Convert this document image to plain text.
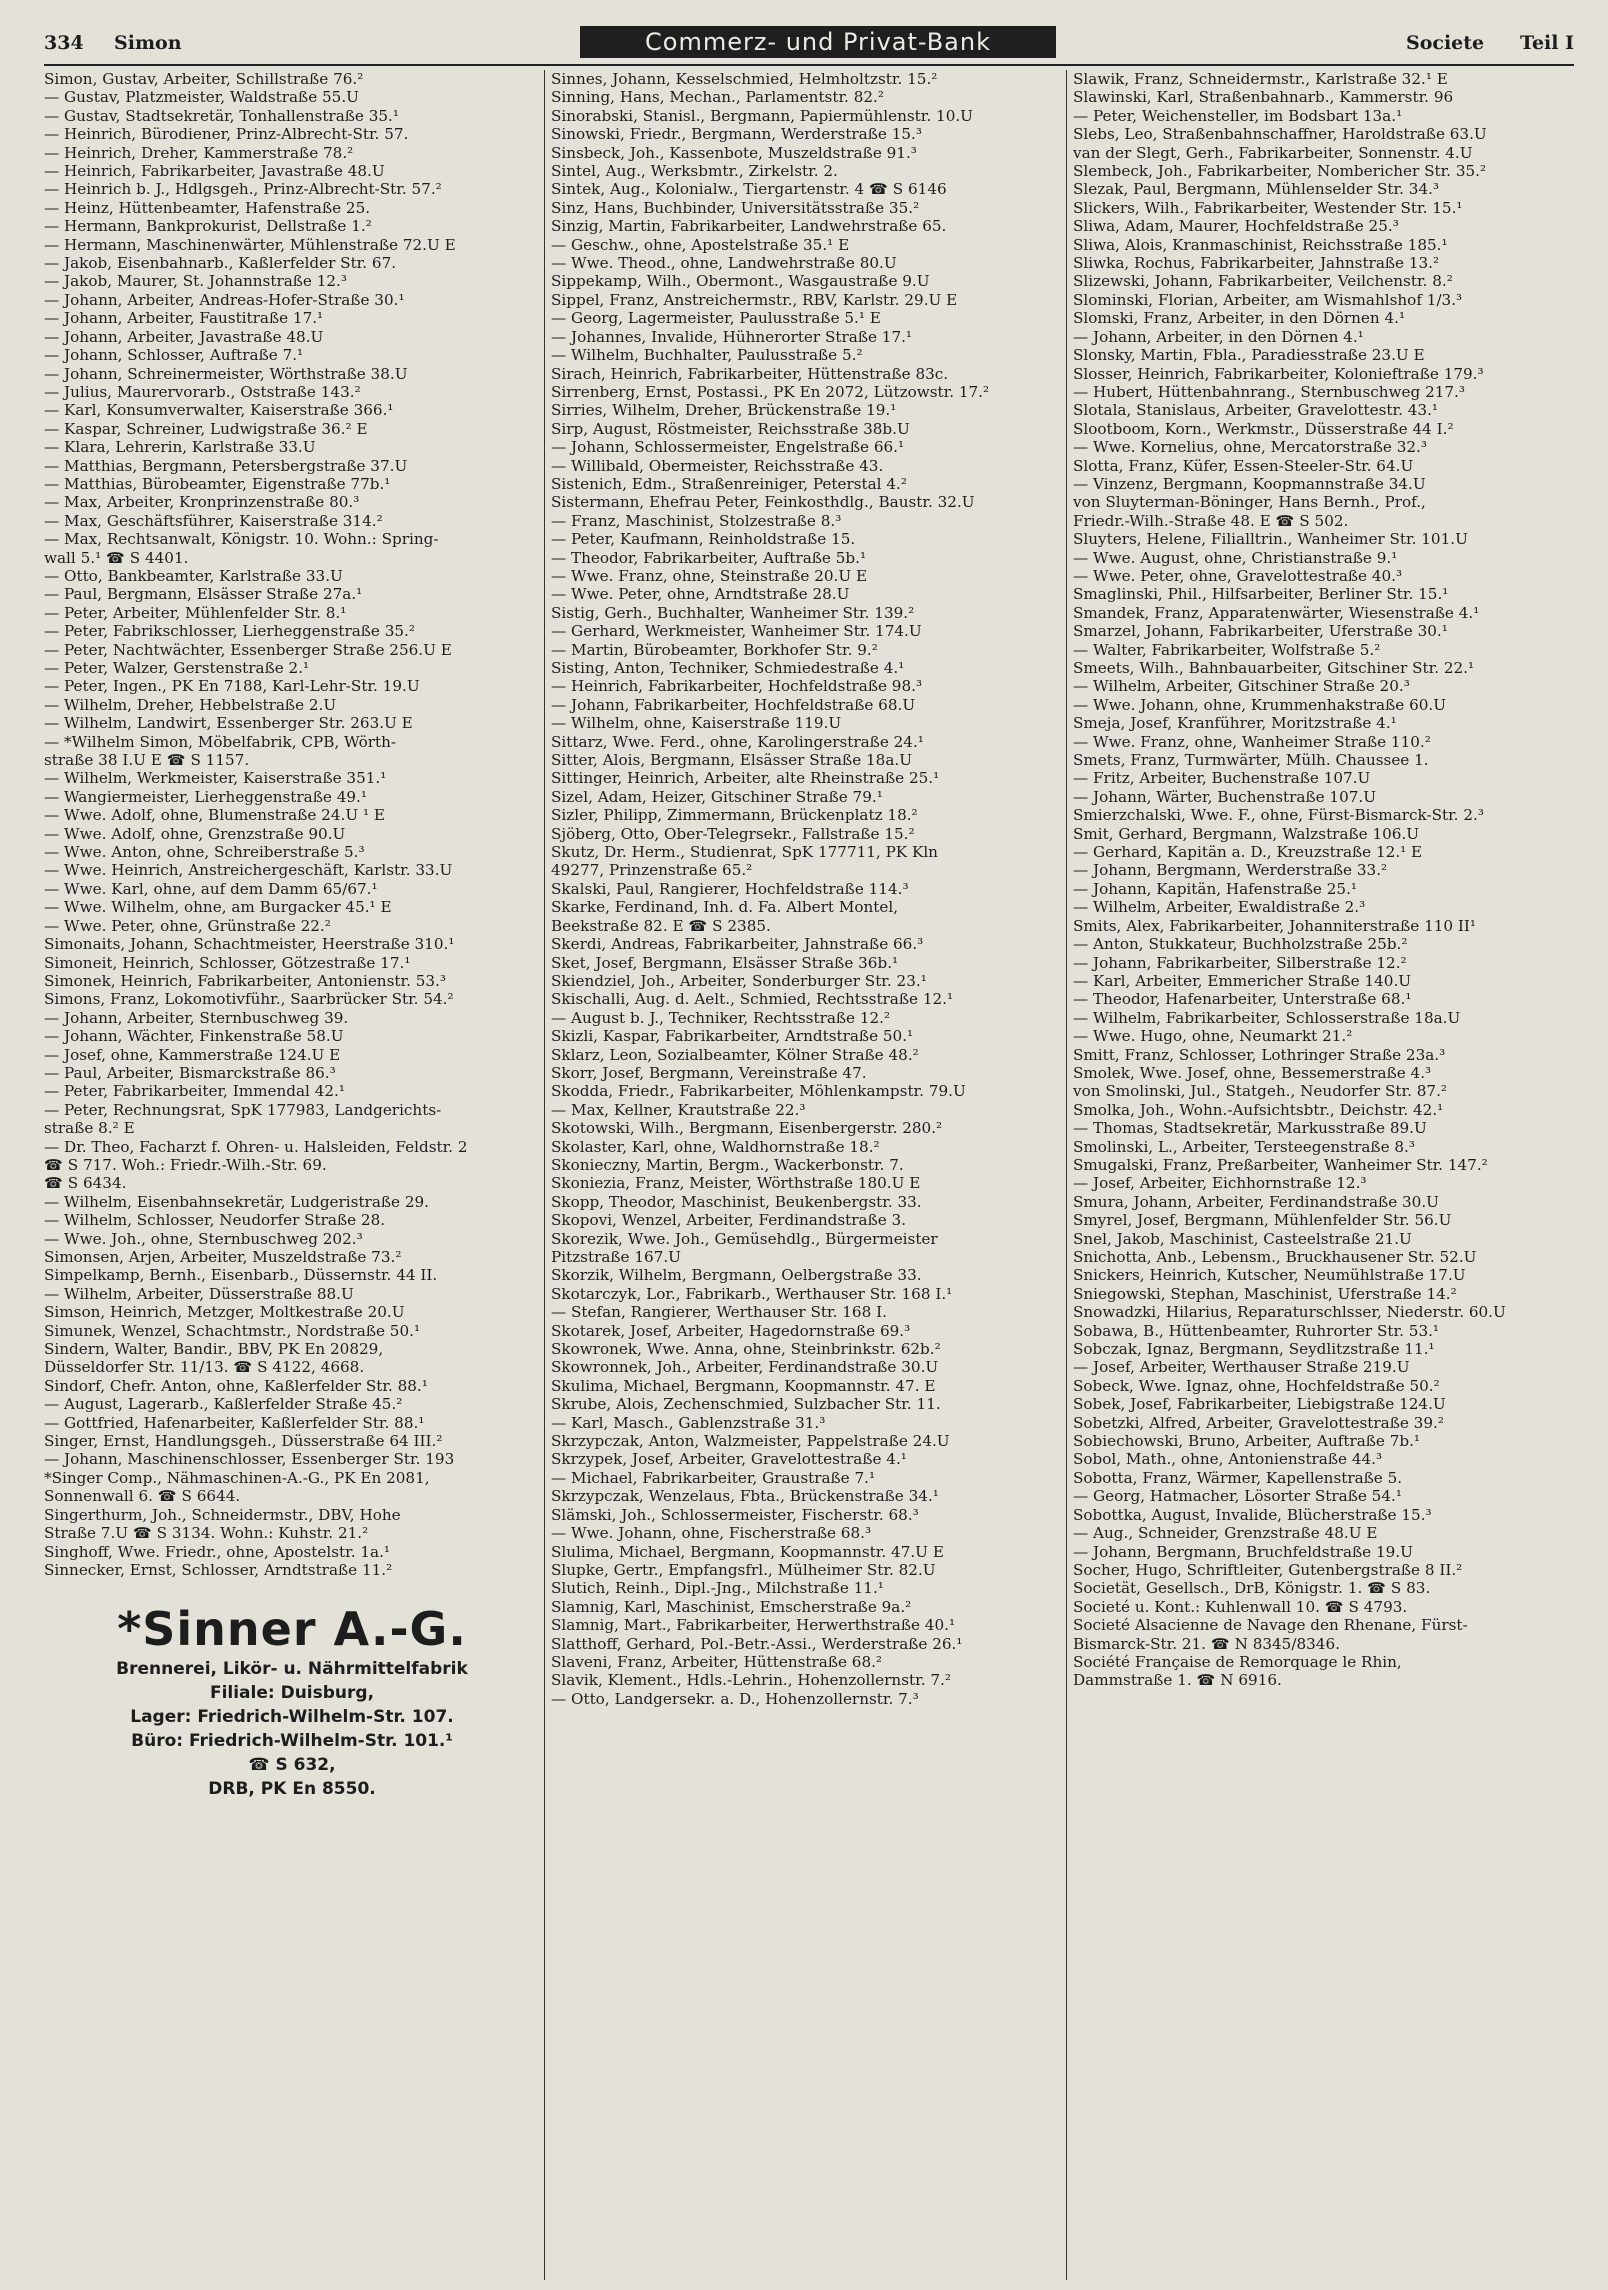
334 Simon	Commerz- und Privat-Bank	Societe Teil I
Simon, Gustav, Arbeiter, Schillstraße 76.²
— Gustav, Platzmeister, Waldstraße 55.U
— Gustav, Stadtsekretär, Tonhallenstraße 35.¹
— Heinrich, Bürodiener, Prinz-Albrecht-Str. 57.
— Heinrich, Dreher, Kammerstraße 78.²
— Heinrich, Fabrikarbeiter, Javastraße 48.U
— Heinrich b. J., Hdlgsgeh., Prinz-Albrecht-Str. 57.²
— Heinz, Hüttenbeamter, Hafenstraße 25.
— Hermann, Bankprokurist, Dellstraße 1.²
— Hermann, Maschinenwärter, Mühlenstraße 72.U E
— Jakob, Eisenbahnarb., Kaßlerfelder Str. 67.
— Jakob, Maurer, St. Johannstraße 12.³
— Johann, Arbeiter, Andreas-Hofer-Straße 30.¹
— Johann, Arbeiter, Faustitraße 17.¹
— Johann, Arbeiter, Javastraße 48.U
— Johann, Schlosser, Auftraße 7.¹
— Johann, Schreinermeister, Wörthstraße 38.U
— Julius, Maurervorarb., Oststraße 143.²
— Karl, Konsumverwalter, Kaiserstraße 366.¹
— Kaspar, Schreiner, Ludwigstraße 36.² E
— Klara, Lehrerin, Karlstraße 33.U
— Matthias, Bergmann, Petersbergstraße 37.U
— Matthias, Bürobeamter, Eigenstraße 77b.¹
— Max, Arbeiter, Kronprinzenstraße 80.³
— Max, Geschäftsführer, Kaiserstraße 314.²
— Max, Rechtsanwalt, Königstr. 10. Wohn.: Spring-
wall 5.¹ ☎ S 4401.
— Otto, Bankbeamter, Karlstraße 33.U
— Paul, Bergmann, Elsässer Straße 27a.¹
— Peter, Arbeiter, Mühlenfelder Str. 8.¹
— Peter, Fabrikschlosser, Lierheggenstraße 35.²
— Peter, Nachtwächter, Essenberger Straße 256.U E
— Peter, Walzer, Gerstenstraße 2.¹
— Peter, Ingen., PK En 7188, Karl-Lehr-Str. 19.U
— Wilhelm, Dreher, Hebbelstraße 2.U
— Wilhelm, Landwirt, Essenberger Str. 263.U E
— *Wilhelm Simon, Möbelfabrik, CPB, Wörth-
straße 38 I.U E ☎ S 1157.
— Wilhelm, Werkmeister, Kaiserstraße 351.¹
— Wangiermeister, Lierheggenstraße 49.¹
— Wwe. Adolf, ohne, Blumenstraße 24.U ¹ E
— Wwe. Adolf, ohne, Grenzstraße 90.U
— Wwe. Anton, ohne, Schreiberstraße 5.³
— Wwe. Heinrich, Anstreichergeschäft, Karlstr. 33.U
— Wwe. Karl, ohne, auf dem Damm 65/67.¹
— Wwe. Wilhelm, ohne, am Burgacker 45.¹ E
— Wwe. Peter, ohne, Grünstraße 22.²
Simonaits, Johann, Schachtmeister, Heerstraße 310.¹
Simoneit, Heinrich, Schlosser, Götzestraße 17.¹
Simonek, Heinrich, Fabrikarbeiter, Antonienstr. 53.³
Simons, Franz, Lokomotivführ., Saarbrücker Str. 54.²
— Johann, Arbeiter, Sternbuschweg 39.
— Johann, Wächter, Finkenstraße 58.U
— Josef, ohne, Kammerstraße 124.U E
— Paul, Arbeiter, Bismarckstraße 86.³
— Peter, Fabrikarbeiter, Immendal 42.¹
— Peter, Rechnungsrat, SpK 177983, Landgerichts-
straße 8.² E
— Dr. Theo, Facharzt f. Ohren- u. Halsleiden, Feldstr. 2
☎ S 717. Woh.: Friedr.-Wilh.-Str. 69.
☎ S 6434.
— Wilhelm, Eisenbahnsekretär, Ludgeristraße 29.
— Wilhelm, Schlosser, Neudorfer Straße 28.
— Wwe. Joh., ohne, Sternbuschweg 202.³
Simonsen, Arjen, Arbeiter, Muszeldstraße 73.²
Simpelkamp, Bernh., Eisenbarb., Düssernstr. 44 II.
— Wilhelm, Arbeiter, Düsserstraße 88.U
Simson, Heinrich, Metzger, Moltkestraße 20.U
Simunek, Wenzel, Schachtmstr., Nordstraße 50.¹
Sindern, Walter, Bandir., BBV, PK En 20829,
Düsseldorfer Str. 11/13. ☎ S 4122, 4668.
Sindorf, Chefr. Anton, ohne, Kaßlerfelder Str. 88.¹
— August, Lagerarb., Kaßlerfelder Straße 45.²
— Gottfried, Hafenarbeiter, Kaßlerfelder Str. 88.¹
Singer, Ernst, Handlungsgeh., Düsserstraße 64 III.²
— Johann, Maschinenschlosser, Essenberger Str. 193
*Singer Comp., Nähmaschinen-A.-G., PK En 2081,
Sonnenwall 6. ☎ S 6644.
Singerthurm, Joh., Schneidermstr., DBV, Hohe
Straße 7.U ☎ S 3134. Wohn.: Kuhstr. 21.²
Singhoff, Wwe. Friedr., ohne, Apostelstr. 1a.¹
Sinnecker, Ernst, Schlosser, Arndtstraße 11.²
*Sinner A.-G.
Brennerei, Likör- u. Nährmittelfabrik
Filiale: Duisburg,
Lager: Friedrich-Wilhelm-Str. 107.
Büro: Friedrich-Wilhelm-Str. 101.¹
☎ S 632,
DRB, PK En 8550.
Sinnes, Johann, Kesselschmied, Helmholtzstr. 15.²
Sinning, Hans, Mechan., Parlamentstr. 82.²
Sinorabski, Stanisl., Bergmann, Papiermühlenstr. 10.U
Sinowski, Friedr., Bergmann, Werderstraße 15.³
Sinsbeck, Joh., Kassenbote, Muszeldstraße 91.³
Sintel, Aug., Werksbmtr., Zirkelstr. 2.
Sintek, Aug., Kolonialw., Tiergartenstr. 4 ☎ S 6146
Sinz, Hans, Buchbinder, Universitätsstraße 35.²
Sinzig, Martin, Fabrikarbeiter, Landwehrstraße 65.
— Geschw., ohne, Apostelstraße 35.¹ E
— Wwe. Theod., ohne, Landwehrstraße 80.U
Sippekamp, Wilh., Obermont., Wasgaustraße 9.U
Sippel, Franz, Anstreichermstr., RBV, Karlstr. 29.U E
— Georg, Lagermeister, Paulusstraße 5.¹ E
— Johannes, Invalide, Hühnerorter Straße 17.¹
— Wilhelm, Buchhalter, Paulusstraße 5.²
Sirach, Heinrich, Fabrikarbeiter, Hüttenstraße 83c.
Sirrenberg, Ernst, Postassi., PK En 2072, Lützowstr. 17.²
Sirries, Wilhelm, Dreher, Brückenstraße 19.¹
Sirp, August, Röstmeister, Reichsstraße 38b.U
— Johann, Schlossermeister, Engelstraße 66.¹
— Willibald, Obermeister, Reichsstraße 43.
Sistenich, Edm., Straßenreiniger, Peterstal 4.²
Sistermann, Ehefrau Peter, Feinkosthdlg., Baustr. 32.U
— Franz, Maschinist, Stolzestraße 8.³
— Peter, Kaufmann, Reinholdstraße 15.
— Theodor, Fabrikarbeiter, Auftraße 5b.¹
— Wwe. Franz, ohne, Steinstraße 20.U E
— Wwe. Peter, ohne, Arndtstraße 28.U
Sistig, Gerh., Buchhalter, Wanheimer Str. 139.²
— Gerhard, Werkmeister, Wanheimer Str. 174.U
— Martin, Bürobeamter, Borkhofer Str. 9.²
Sisting, Anton, Techniker, Schmiedestraße 4.¹
— Heinrich, Fabrikarbeiter, Hochfeldstraße 98.³
— Johann, Fabrikarbeiter, Hochfeldstraße 68.U
— Wilhelm, ohne, Kaiserstraße 119.U
Sittarz, Wwe. Ferd., ohne, Karolingerstraße 24.¹
Sitter, Alois, Bergmann, Elsässer Straße 18a.U
Sittinger, Heinrich, Arbeiter, alte Rheinstraße 25.¹
Sizel, Adam, Heizer, Gitschiner Straße 79.¹
Sizler, Philipp, Zimmermann, Brückenplatz 18.²
Sjöberg, Otto, Ober-Telegrsekr., Fallstraße 15.²
Skutz, Dr. Herm., Studienrat, SpK 177711, PK Kln
49277, Prinzenstraße 65.²
Skalski, Paul, Rangierer, Hochfeldstraße 114.³
Skarke, Ferdinand, Inh. d. Fa. Albert Montel,
Beekstraße 82. E ☎ S 2385.
Skerdi, Andreas, Fabrikarbeiter, Jahnstraße 66.³
Sket, Josef, Bergmann, Elsässer Straße 36b.¹
Skiendziel, Joh., Arbeiter, Sonderburger Str. 23.¹
Skischalli, Aug. d. Aelt., Schmied, Rechtsstraße 12.¹
— August b. J., Techniker, Rechtsstraße 12.²
Skizli, Kaspar, Fabrikarbeiter, Arndtstraße 50.¹
Sklarz, Leon, Sozialbeamter, Kölner Straße 48.²
Skorr, Josef, Bergmann, Vereinstraße 47.
Skodda, Friedr., Fabrikarbeiter, Möhlenkampstr. 79.U
— Max, Kellner, Krautstraße 22.³
Skotowski, Wilh., Bergmann, Eisenbergerstr. 280.²
Skolaster, Karl, ohne, Waldhornstraße 18.²
Skonieczny, Martin, Bergm., Wackerbonstr. 7.
Skoniezia, Franz, Meister, Wörthstraße 180.U E
Skopp, Theodor, Maschinist, Beukenbergstr. 33.
Skopovi, Wenzel, Arbeiter, Ferdinandstraße 3.
Skorezik, Wwe. Joh., Gemüsehdlg., Bürgermeister
Pitzstraße 167.U
Skorzik, Wilhelm, Bergmann, Oelbergstraße 33.
Skotarczyk, Lor., Fabrikarb., Werthauser Str. 168 I.¹
— Stefan, Rangierer, Werthauser Str. 168 I.
Skotarek, Josef, Arbeiter, Hagedornstraße 69.³
Skowronek, Wwe. Anna, ohne, Steinbrinkstr. 62b.²
Skowronnek, Joh., Arbeiter, Ferdinandstraße 30.U
Skulima, Michael, Bergmann, Koopmannstr. 47. E
Skrube, Alois, Zechenschmied, Sulzbacher Str. 11.
— Karl, Masch., Gablenzstraße 31.³
Skrzypczak, Anton, Walzmeister, Pappelstraße 24.U
Skrzypek, Josef, Arbeiter, Gravelottestraße 4.¹
— Michael, Fabrikarbeiter, Graustraße 7.¹
Skrzypczak, Wenzelaus, Fbta., Brückenstraße 34.¹
Slämski, Joh., Schlossermeister, Fischerstr. 68.³
— Wwe. Johann, ohne, Fischerstraße 68.³
Slulima, Michael, Bergmann, Koopmannstr. 47.U E
Slupke, Gertr., Empfangsfrl., Mülheimer Str. 82.U
Slutich, Reinh., Dipl.-Jng., Milchstraße 11.¹
Slamnig, Karl, Maschinist, Emscherstraße 9a.²
Slamnig, Mart., Fabrikarbeiter, Herwerthstraße 40.¹
Slatthoff, Gerhard, Pol.-Betr.-Assi., Werderstraße 26.¹
Slaveni, Franz, Arbeiter, Hüttenstraße 68.²
Slavik, Klement., Hdls.-Lehrin., Hohenzollernstr. 7.²
— Otto, Landgersekr. a. D., Hohenzollernstr. 7.³
Slawik, Franz, Schneidermstr., Karlstraße 32.¹ E
Slawinski, Karl, Straßenbahnarb., Kammerstr. 96
— Peter, Weichensteller, im Bodsbart 13a.¹
Slebs, Leo, Straßenbahnschaffner, Haroldstraße 63.U
van der Slegt, Gerh., Fabrikarbeiter, Sonnenstr. 4.U
Slembeck, Joh., Fabrikarbeiter, Nombericher Str. 35.²
Slezak, Paul, Bergmann, Mühlenselder Str. 34.³
Slickers, Wilh., Fabrikarbeiter, Westender Str. 15.¹
Sliwa, Adam, Maurer, Hochfeldstraße 25.³
Sliwa, Alois, Kranmaschinist, Reichsstraße 185.¹
Sliwka, Rochus, Fabrikarbeiter, Jahnstraße 13.²
Slizewski, Johann, Fabrikarbeiter, Veilchenstr. 8.²
Slominski, Florian, Arbeiter, am Wismahlshof 1/3.³
Slomski, Franz, Arbeiter, in den Dörnen 4.¹
— Johann, Arbeiter, in den Dörnen 4.¹
Slonsky, Martin, Fbla., Paradiesstraße 23.U E
Slosser, Heinrich, Fabrikarbeiter, Kolonieftraße 179.³
— Hubert, Hüttenbahnrang., Sternbuschweg 217.³
Slotala, Stanislaus, Arbeiter, Gravelottestr. 43.¹
Slootboom, Korn., Werkmstr., Düsserstraße 44 I.²
— Wwe. Kornelius, ohne, Mercatorstraße 32.³
Slotta, Franz, Küfer, Essen-Steeler-Str. 64.U
— Vinzenz, Bergmann, Koopmannstraße 34.U
von Sluyterman-Böninger, Hans Bernh., Prof.,
Friedr.-Wilh.-Straße 48. E ☎ S 502.
Sluyters, Helene, Filialltrin., Wanheimer Str. 101.U
— Wwe. August, ohne, Christianstraße 9.¹
— Wwe. Peter, ohne, Gravelottestraße 40.³
Smaglinski, Phil., Hilfsarbeiter, Berliner Str. 15.¹
Smandek, Franz, Apparatenwärter, Wiesenstraße 4.¹
Smarzel, Johann, Fabrikarbeiter, Uferstraße 30.¹
— Walter, Fabrikarbeiter, Wolfstraße 5.²
Smeets, Wilh., Bahnbauarbeiter, Gitschiner Str. 22.¹
— Wilhelm, Arbeiter, Gitschiner Straße 20.³
— Wwe. Johann, ohne, Krummenhakstraße 60.U
Smeja, Josef, Kranführer, Moritzstraße 4.¹
— Wwe. Franz, ohne, Wanheimer Straße 110.²
Smets, Franz, Turmwärter, Mülh. Chaussee 1.
— Fritz, Arbeiter, Buchenstraße 107.U
— Johann, Wärter, Buchenstraße 107.U
Smierzchalski, Wwe. F., ohne, Fürst-Bismarck-Str. 2.³
Smit, Gerhard, Bergmann, Walzstraße 106.U
— Gerhard, Kapitän a. D., Kreuzstraße 12.¹ E
— Johann, Bergmann, Werderstraße 33.²
— Johann, Kapitän, Hafenstraße 25.¹
— Wilhelm, Arbeiter, Ewaldistraße 2.³
Smits, Alex, Fabrikarbeiter, Johanniterstraße 110 II¹
— Anton, Stukkateur, Buchholzstraße 25b.²
— Johann, Fabrikarbeiter, Silberstraße 12.²
— Karl, Arbeiter, Emmericher Straße 140.U
— Theodor, Hafenarbeiter, Unterstraße 68.¹
— Wilhelm, Fabrikarbeiter, Schlosserstraße 18a.U
— Wwe. Hugo, ohne, Neumarkt 21.²
Smitt, Franz, Schlosser, Lothringer Straße 23a.³
Smolek, Wwe. Josef, ohne, Bessemerstraße 4.³
von Smolinski, Jul., Statgeh., Neudorfer Str. 87.²
Smolka, Joh., Wohn.-Aufsichtsbtr., Deichstr. 42.¹
— Thomas, Stadtsekretär, Markusstraße 89.U
Smolinski, L., Arbeiter, Tersteegenstraße 8.³
Smugalski, Franz, Preßarbeiter, Wanheimer Str. 147.²
— Josef, Arbeiter, Eichhornstraße 12.³
Smura, Johann, Arbeiter, Ferdinandstraße 30.U
Smyrel, Josef, Bergmann, Mühlenfelder Str. 56.U
Snel, Jakob, Maschinist, Casteelstraße 21.U
Snichotta, Anb., Lebensm., Bruckhausener Str. 52.U
Snickers, Heinrich, Kutscher, Neumühlstraße 17.U
Sniegowski, Stephan, Maschinist, Uferstraße 14.²
Snowadzki, Hilarius, Reparaturschlsser, Niederstr. 60.U
Sobawa, B., Hüttenbeamter, Ruhrorter Str. 53.¹
Sobczak, Ignaz, Bergmann, Seydlitzstraße 11.¹
— Josef, Arbeiter, Werthauser Straße 219.U
Sobeck, Wwe. Ignaz, ohne, Hochfeldstraße 50.²
Sobek, Josef, Fabrikarbeiter, Liebigstraße 124.U
Sobetzki, Alfred, Arbeiter, Gravelottestraße 39.²
Sobiechowski, Bruno, Arbeiter, Auftraße 7b.¹
Sobol, Math., ohne, Antonienstraße 44.³
Sobotta, Franz, Wärmer, Kapellenstraße 5.
— Georg, Hatmacher, Lösorter Straße 54.¹
Sobottka, August, Invalide, Blücherstraße 15.³
— Aug., Schneider, Grenzstraße 48.U E
— Johann, Bergmann, Bruchfeldstraße 19.U
Socher, Hugo, Schriftleiter, Gutenbergstraße 8 II.²
Societät, Gesellsch., DrB, Königstr. 1. ☎ S 83.
Societé u. Kont.: Kuhlenwall 10. ☎ S 4793.
Societé Alsacienne de Navage den Rhenane, Fürst-
Bismarck-Str. 21. ☎ N 8345/8346.
Société Française de Remorquage le Rhin,
Dammstraße 1. ☎ N 6916.
